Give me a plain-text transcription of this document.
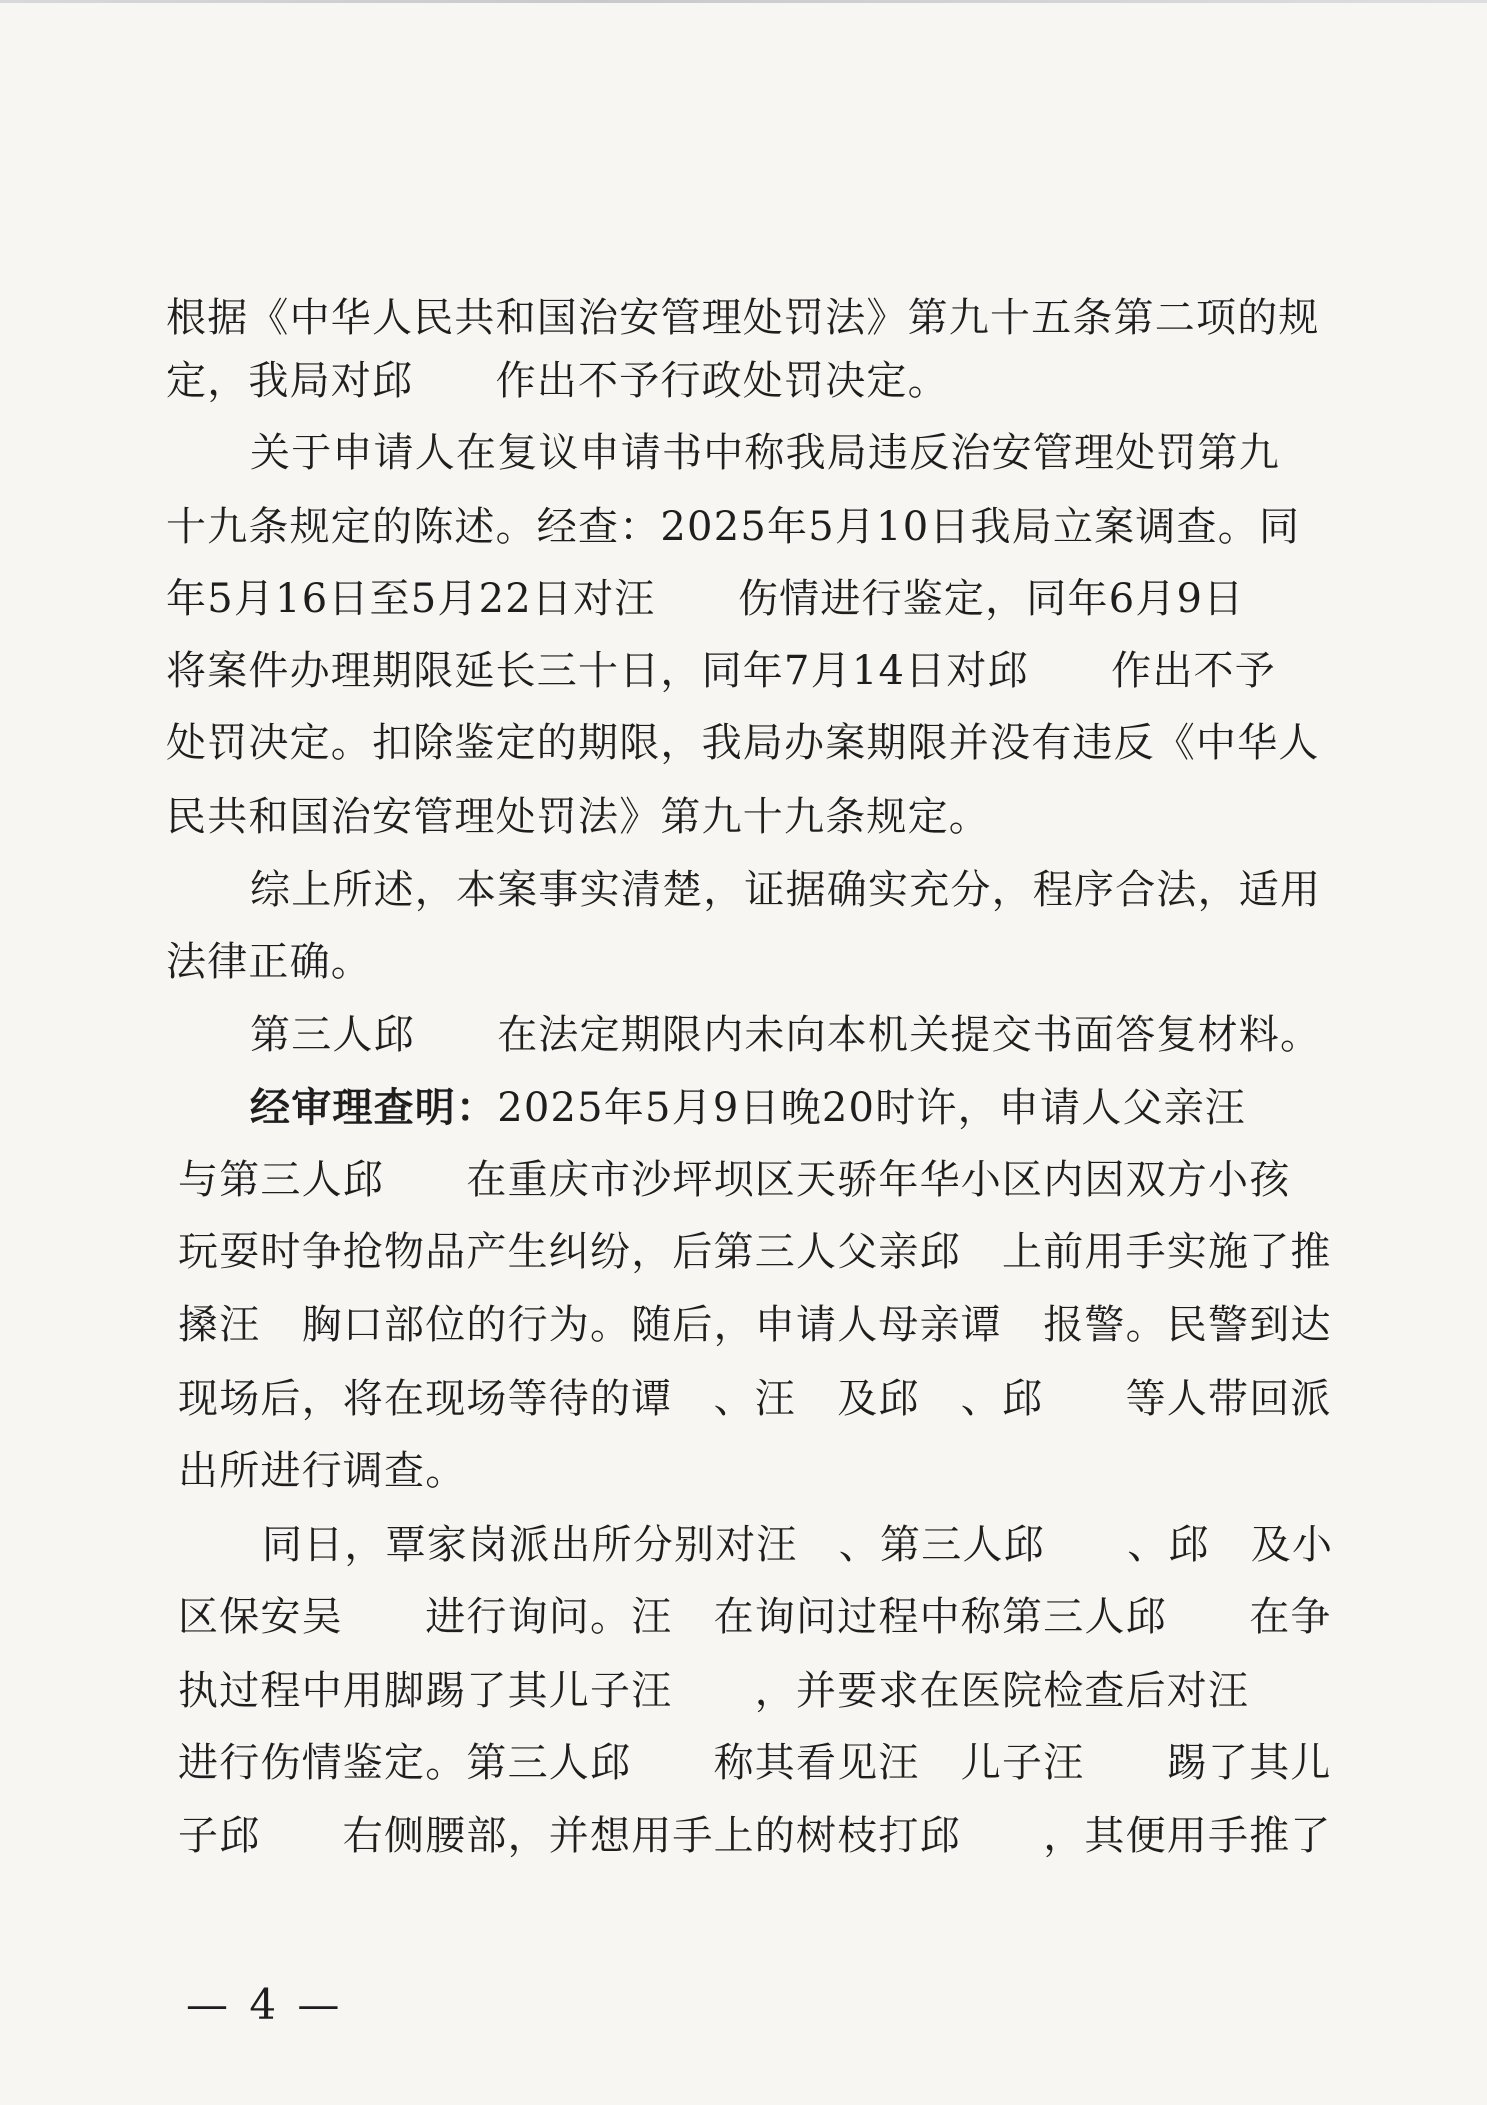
根据《中华人民共和国治安管理处罚法》第九十五条第二项的规
定，我局对邱　　作出不予行政处罚决定。
关于申请人在复议申请书中称我局违反治安管理处罚第九
十九条规定的陈述。经查：2025年5月10日我局立案调查。同
年5月16日至5月22日对汪　　伤情进行鉴定，同年6月9日
将案件办理期限延长三十日，同年7月14日对邱　　作出不予
处罚决定。扣除鉴定的期限，我局办案期限并没有违反《中华人
民共和国治安管理处罚法》第九十九条规定。
综上所述，本案事实清楚，证据确实充分，程序合法，适用
法律正确。
第三人邱　　在法定期限内未向本机关提交书面答复材料。
经审理查明：2025年5月9日晚20时许，申请人父亲汪
与第三人邱　　在重庆市沙坪坝区天骄年华小区内因双方小孩
玩耍时争抢物品产生纠纷，后第三人父亲邱　上前用手实施了推
搡汪　胸口部位的行为。随后，申请人母亲谭　报警。民警到达
现场后，将在现场等待的谭　、汪　及邱　、邱　　等人带回派
出所进行调查。
同日，覃家岗派出所分别对汪　、第三人邱　　、邱　及小
区保安吴　　进行询问。汪　在询问过程中称第三人邱　　在争
执过程中用脚踢了其儿子汪　　，并要求在医院检查后对汪
进行伤情鉴定。第三人邱　　称其看见汪　儿子汪　　踢了其儿
子邱　　右侧腰部，并想用手上的树枝打邱　　，其便用手推了
— 4 —
